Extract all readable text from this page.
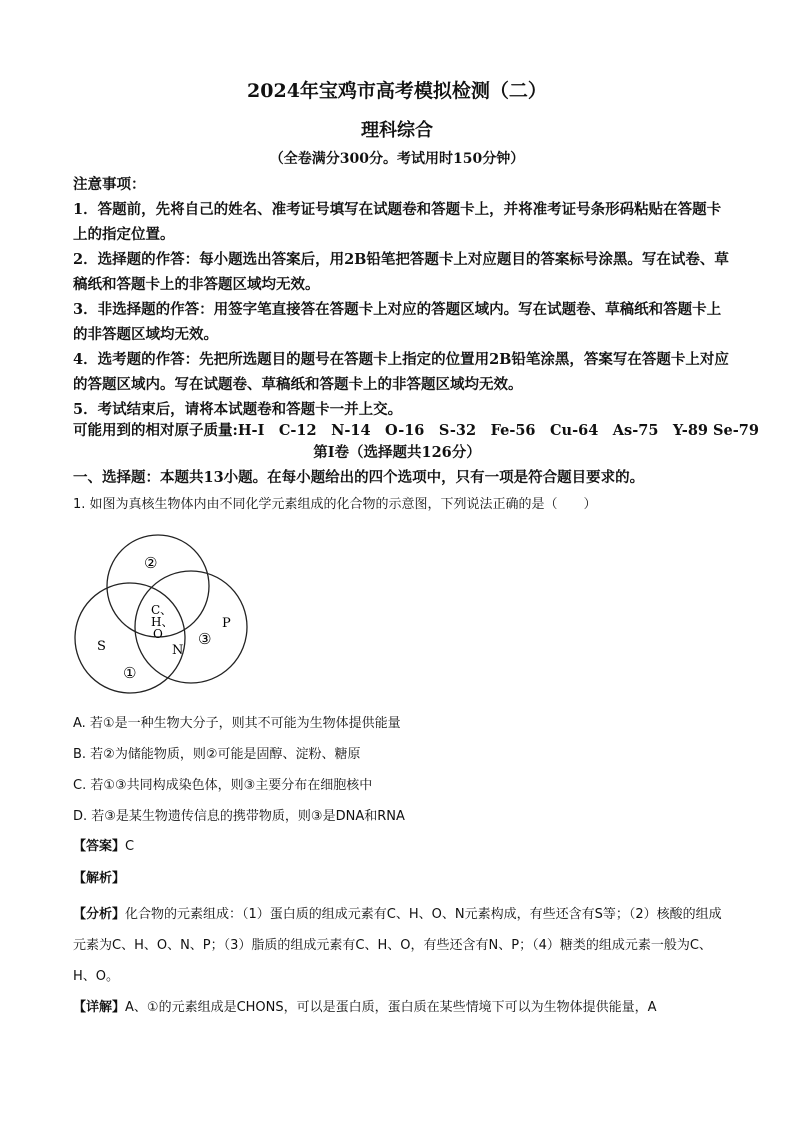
2024年宝鸡市高考模拟检测（二）
理科综合
（全卷满分300分。考试用时150分钟）

注意事项：

1．答题前，先将自己的姓名、准考证号填写在试题卷和答题卡上，并将准考证号条形码粘贴在答题卡上的指定位置。

2．选择题的作答：每小题选出答案后，用2B铅笔把答题卡上对应题目的答案标号涂黑。写在试卷、草稿纸和答题卡上的非答题区域均无效。

3．非选择题的作答：用签字笔直接答在答题卡上对应的答题区域内。写在试题卷、草稿纸和答题卡上的非答题区域均无效。

4．选考题的作答：先把所选题目的题号在答题卡上指定的位置用2B铅笔涂黑，答案写在答题卡上对应的答题区域内。写在试题卷、草稿纸和答题卡上的非答题区域均无效。

5．考试结束后，请将本试题卷和答题卡一并上交。

可能用到的相对原子质量:H-I　C-12　N-14　O-16　S-32　Fe-56　Cu-64　As-75　Y-89 Se-79
第Ⅰ卷（选择题共126分）
一、选择题：本题共13小题。在每小题给出的四个选项中，只有一项是符合题目要求的。
1. 如图为真核生物体内由不同化学元素组成的化合物的示意图，下列说法正确的是（　　）
②
C、
H、
O
S	N
P
①
③
A. 若①是一种生物大分子，则其不可能为生物体提供能量
B. 若②为储能物质，则②可能是固醇、淀粉、糖原
C. 若①③共同构成染色体，则③主要分布在细胞核中
D. 若③是某生物遗传信息的携带物质，则③是DNA和RNA
【答案】C
【解析】

【分析】化合物的元素组成：（1）蛋白质的组成元素有C、H、O、N元素构成，有些还含有S等；（2）核酸的组成元素为C、H、O、N、P；（3）脂质的组成元素有C、H、O，有些还含有N、P；（4）糖类的组成元素一般为C、H、O。

【详解】A、①的元素组成是CHONS，可以是蛋白质，蛋白质在某些情境下可以为生物体提供能量，A
